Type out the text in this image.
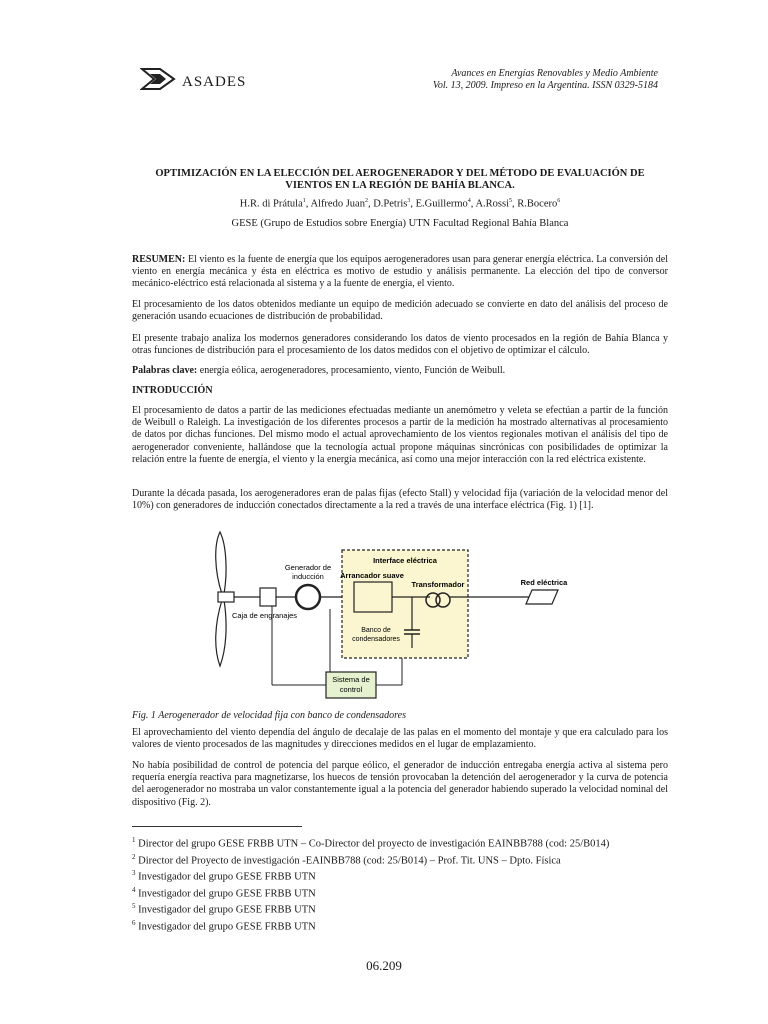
ASADES
Avances en Energías Renovables y Medio Ambiente
Vol. 13, 2009. Impreso en la Argentina. ISSN 0329-5184
OPTIMIZACIÓN EN LA ELECCIÓN DEL AEROGENERADOR Y DEL MÉTODO DE EVALUACIÓN DE VIENTOS EN LA REGIÓN DE BAHÍA BLANCA.
H.R. di Prátula$^1$, Alfredo Juan$^2$, D.Petris$^3$, E.Guillermo$^4$, A.Rossi$^5$, R.Bocero$^6$
GESE (Grupo de Estudios sobre Energía) UTN Facultad Regional Bahía Blanca
RESUMEN: El viento es la fuente de energía que los equipos aerogeneradores usan para generar energía eléctrica. La conversión del viento en energía mecánica y ésta en eléctrica es motivo de estudio y análisis permanente. La elección del tipo de conversor mecánico-eléctrico está relacionada al sistema y a la fuente de energía, el viento.
El procesamiento de los datos obtenidos mediante un equipo de medición adecuado se convierte en dato del análisis del proceso de generación usando ecuaciones de distribución de probabilidad.
El presente trabajo analiza los modernos generadores considerando los datos de viento procesados en la región de Bahía Blanca y otras funciones de distribución para el procesamiento de los datos medidos con el objetivo de optimizar el cálculo.
Palabras clave: energía eólica, aerogeneradores, procesamiento, viento, Función de Weibull.
INTRODUCCIÓN
El procesamiento de datos a partir de las mediciones efectuadas mediante un anemómetro y veleta se efectúan a partir de la función de Weibull o Raleigh. La investigación de los diferentes procesos a partir de la medición ha mostrado alternativas al procesamiento de datos por dichas funciones. Del mismo modo el actual aprovechamiento de los vientos regionales motivan el análisis del tipo de aerogenerador conveniente, hallándose que la tecnología actual propone máquinas sincrónicas con posibilidades de optimizar la relación entre la fuente de energía, el viento y la energía mecánica, así como una mejor interacción con la red eléctrica existente.
Durante la década pasada, los aerogeneradores eran de palas fijas (efecto Stall) y velocidad fija (variación de la velocidad menor del 10%) con generadores de inducción conectados directamente a la red a través de una interface eléctrica (Fig. 1) [1].
Generador de
inducción
Caja de engranajes
Interface eléctrica
Arrancador suave
Transformador
Banco de
condensadores
Red eléctrica
Sistema de
control
Fig. 1 Aerogenerador de velocidad fija con banco de condensadores
El aprovechamiento del viento dependía del ángulo de decalaje de las palas en el momento del montaje y que era calculado para los valores de viento procesados de las magnitudes y direcciones medidos en el lugar de emplazamiento.
No había posibilidad de control de potencia del parque eólico, el generador de inducción entregaba energía activa al sistema pero requería energía reactiva para magnetizarse, los huecos de tensión provocaban la detención del aerogenerador y la curva de potencia del aerogenerador no mostraba un valor constantemente igual a la potencia del generador habiendo superado la velocidad nominal del dispositivo (Fig. 2).
$^1$ Director del grupo GESE FRBB UTN – Co-Director del proyecto de investigación EAINBB788 (cod: 25/B014)
$^2$ Director del Proyecto de investigación -EAINBB788 (cod: 25/B014) – Prof. Tit. UNS – Dpto. Física
$^3$ Investigador del grupo GESE FRBB UTN
$^4$ Investigador del grupo GESE FRBB UTN
$^5$ Investigador del grupo GESE FRBB UTN
$^6$ Investigador del grupo GESE FRBB UTN
06.209
